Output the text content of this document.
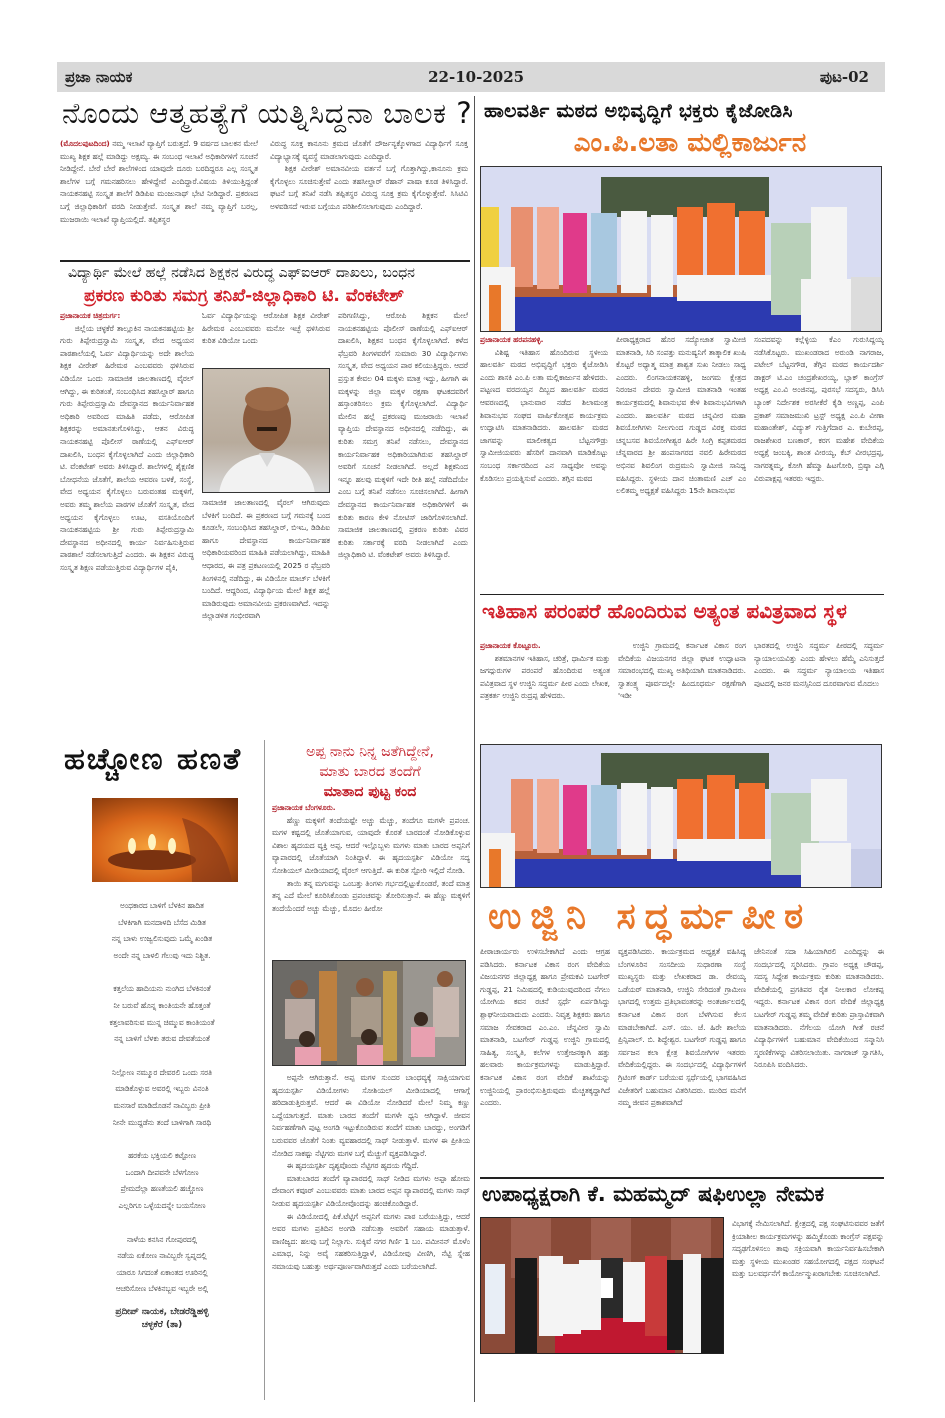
ಪ್ರಜಾ ನಾಯಕ	22-10-2025	ಪುಟ-02
ನೊಂದು ಆತ್ಮಹತ್ಯೆಗೆ ಯತ್ನಿಸಿದ್ದನಾ ಬಾಲಕ ?
(ಮೊದಲಪುಟದಿಂದ) ನಮ್ಮ ಇಲಾಖೆ ವ್ಯಾಪ್ತಿಗೆ ಬರುತ್ತದೆ. 9 ವರ್ಷದ ಬಾಲಕನ ಮೇಲೆ ಮುಖ್ಯ ಶಿಕ್ಷಕ ಹಲ್ಲೆ ಮಾಡಿದ್ದು ಅಕ್ಷಮ್ಯ. ಈ ಸಂಬಂಧ ಇಲಾಖೆ ಅಧಿಕಾರಿಗಳಿಗೆ ಸೂಚನೆ ನೀಡಿದ್ದೇನೆ. ಬೇರೆ ಬೇರೆ ಶಾಲೆಗಳಿಂದ ಯಾವುದೇ ದೂರು ಬರದಿದ್ದರೂ ಎಲ್ಲ ಸಂಸ್ಕೃತ ಶಾಲೆಗಳ ಬಗ್ಗೆ ಗಮನಹರಿಸಲು ಹೇಳಿದ್ದೇವೆ ಎಂದಿದ್ದಾರೆ.ವಿಷಯ ತಿಳಿಯುತ್ತಿದ್ದಂತೆ ನಾಯಕನಹಟ್ಟಿ ಸಂಸ್ಕೃತ ಶಾಲೆಗೆ ಡಿಡಿಪಿಐ ಮಂಜುನಾಥ್ ಭೇಟಿ ನೀಡಿದ್ದಾರೆ. ಪ್ರಕರಣದ ಬಗ್ಗೆ ಜಿಲ್ಲಾಧಿಕಾರಿಗೆ ವರದಿ ನೀಡುತ್ತೇವೆ. ಸಂಸ್ಕೃತ ಶಾಲೆ ನಮ್ಮ ವ್ಯಾಪ್ತಿಗೆ ಬರಲ್ಲ, ಮುಜರಾಯಿ ಇಲಾಖೆ ವ್ಯಾಪ್ತಿಯಲ್ಲಿದೆ. ತಪ್ಪಿತಸ್ಥರ
ವಿರುದ್ಧ ಸೂಕ್ತ ಕಾನೂನು ಕ್ರಮದ ಜೊತೆಗೆ ದೌರ್ಜನ್ಯಕ್ಕೊಳಗಾದ ವಿದ್ಯಾರ್ಥಿಗೆ ಸೂಕ್ತ ವಿದ್ಯಾಭ್ಯಾಸಕ್ಕೆ ವ್ಯವಸ್ಥೆ ಮಾಡಲಾಗುವುದು ಎಂದಿದ್ದಾರೆ.

ಶಿಕ್ಷಕ ವೀರೇಶ್ ಅಮಾನವೀಯ ವರ್ತನೆ ಬಗ್ಗೆ ಗೊತ್ತಾಗಿದ್ದು,ಕಾನೂನು ಕ್ರಮ ಕೈಗೊಳ್ಳಲು ಸೂಚಿಸುತ್ತೇವೆ ಎಂದು ತಹಸೀಲ್ದಾರ್ ರೆಹಾನ್ ಪಾಷಾ ಕೂಡ ತಿಳಿಸಿದ್ದಾರೆ. ಘಟನೆ ಬಗ್ಗೆ ತನಿಖೆ ನಡೆಸಿ ತಪ್ಪಿತಸ್ಥರ ವಿರುದ್ಧ ಸೂಕ್ತ ಕ್ರಮ ಕೈಗೊಳ್ಳುತ್ತೇವೆ. ಸಿಸಿಟಿವಿ ಅಳವಡಿಸದೆ ಇರುವ ಬಗ್ಗೆಯೂ ಪರಿಶೀಲಿಸಲಾಗುವುದು ಎಂದಿದ್ದಾರೆ.

ವಿದ್ಯಾರ್ಥಿ ಮೇಲೆ ಹಲ್ಲೆ ನಡೆಸಿದ ಶಿಕ್ಷಕನ ವಿರುದ್ಧ ಎಫ್‌ಐಆರ್ ದಾಖಲು, ಬಂಧನ
ಪ್ರಕರಣ ಕುರಿತು ಸಮಗ್ರ ತನಿಖೆ-ಜಿಲ್ಲಾಧಿಕಾರಿ ಟಿ. ವೆಂಕಟೇಶ್
ಪ್ರಜಾನಾಯಕ ಚಿತ್ರದುರ್ಗ:

ಜಿಲ್ಲೆಯ ಚಳ್ಳಕೆರೆ ತಾಲ್ಲೂಕಿನ ನಾಯಕನಹಟ್ಟಿಯ ಶ್ರೀ ಗುರು ತಿಪ್ಪೇರುದ್ರಸ್ವಾಮಿ ಸಂಸ್ಕೃತ, ವೇದ ಅಧ್ಯಯನ ಪಾಠಶಾಲೆಯಲ್ಲಿ ಓರ್ವ ವಿದ್ಯಾರ್ಥಿಯನ್ನು ಅದೇ ಶಾಲೆಯ ಶಿಕ್ಷಕ ವೀರೇಶ್ ಹಿರೇಮಠ ಎಂಬವವರು ಥಳಿಸಿರುವ ವಿಡಿಯೋ ಒಂದು ಸಾಮಾಜಿಕ ಜಾಲತಾಣದಲ್ಲಿ ವೈರಲ್ ಆಗಿದ್ದು, ಈ ಕುರಿತಂತೆ, ಸಂಬಂಧಿಸಿದ ತಹಸಿಲ್ದಾರ್ ಹಾಗೂ ಗುರು ತಿಪ್ಪೇರುದ್ರಸ್ವಾಮಿ ದೇವಸ್ಥಾನದ ಕಾರ್ಯನಿರ್ವಾಹಕ ಅಧಿಕಾರಿ ಅವರಿಂದ ಮಾಹಿತಿ ಪಡೆದು, ಆರೋಪಿತ ಶಿಕ್ಷಕರನ್ನು ಅಮಾನತುಗೊಳಿಸಿದ್ದು, ಆತನ ವಿರುದ್ಧ ನಾಯಕನಹಟ್ಟಿ ಪೊಲೀಸ್ ಠಾಣೆಯಲ್ಲಿ ಎಫ್‌ಐಆರ್ ದಾಖಲಿಸಿ, ಬಂಧನ ಕೈಗೊಳ್ಳಲಾಗಿದೆ ಎಂದು ಜಿಲ್ಲಾಧಿಕಾರಿ ಟಿ. ವೆಂಕಟೇಶ್ ಅವರು ತಿಳಿಸಿದ್ದಾರೆ. ಶಾಲೆಗಳಲ್ಲಿ ಶೈಕ್ಷಣಿಕ ಬೋಧನೆಯ ಜೊತೆಗೆ, ಶಾಲೆಯ ಆವರಣ ಬಳಕೆ, ಸಂಸ್ಥೆ, ವೇದ ಅಧ್ಯಯನ ಕೈಗೊಳ್ಳಲು ಬರುವಂತಹ ಮಕ್ಕಳಿಗೆ, ಅವರು ತಮ್ಮ ಶಾಲೆಯ ಪಾಠಗಳ ಜೊತೆಗೆ ಸಂಸ್ಕೃತ, ವೇದ ಅಧ್ಯಯನ ಕೈಗೊಳ್ಳಲು ಊಟ, ವಸತಿಯೊಂದಿಗೆ ನಾಯಕನಹಟ್ಟಿಯ ಶ್ರೀ ಗುರು ತಿಪ್ಪೇರುದ್ರಸ್ವಾಮಿ ದೇವಸ್ಥಾನದ ಅಧೀನದಲ್ಲಿ ಕಾರ್ಯ ನಿರ್ವಹಿಸುತ್ತಿರುವ ಪಾಠಶಾಲೆ ನಡೆಸಲಾಗುತ್ತಿದೆ ಎಂದರು. ಈ ಶಿಕ್ಷಕನ ವಿರುದ್ಧ ಸಂಸ್ಕೃತ ಶಿಕ್ಷಣ ಪಡೆಯುತ್ತಿರುವ ವಿದ್ಯಾರ್ಥಿಗಳ ಪೈಕಿ,

ಓರ್ವ ವಿದ್ಯಾರ್ಥಿಯನ್ನು ಆರೋಪಿತ ಶಿಕ್ಷಕ ವೀರೇಶ್ ಹಿರೇಮಠ ಎಂಬುವವರು ಮನೋ ಇಚ್ಛೆ ಥಳಿಸಿರುವ ಕುರಿತ ವಿಡಿಯೋ ಒಂದು
ಸಾಮಾಜಿಕ ಜಾಲತಾಣದಲ್ಲಿ ವೈರಲ್ ಆಗಿರುವುದು ಬೆಳಕಿಗೆ ಬಂದಿದೆ. ಈ ಪ್ರಕರಣದ ಬಗ್ಗೆ ಗಮನಕ್ಕೆ ಬಂದ ಕೂಡಲೇ, ಸಂಬಂಧಿಸಿದ ತಹಸಿಲ್ದಾರ್, ಬಿಇಒ, ಡಿಡಿಪಿಐ ಹಾಗೂ ದೇವಸ್ಥಾನದ ಕಾರ್ಯನಿರ್ವಾಹಕ ಅಧಿಕಾರಿಯವರಿಂದ ಮಾಹಿತಿ ಪಡೆಯಲಾಗಿದ್ದು, ಮಾಹಿತಿ ಆಧಾರದ, ಈ ಪತ್ರ ಪ್ರಕಟಣಯಲ್ಲಿ 2025 ರ ಫೆಬ್ರವರಿ ತಿಂಗಳಿನಲ್ಲಿ ನಡೆದಿದ್ದು, ಈ ವಿಡಿಯೋ ಮಾರ್ಚ್ ಬೆಳಕಿಗೆ ಬಂದಿದೆ. ಆದ್ದರಿಂದ, ವಿದ್ಯಾರ್ಥಿಯ ಮೇಲೆ ಶಿಕ್ಷಕ ಹಲ್ಲೆ ಮಾಡಿರುವುದು ಅಮಾನವೀಯ ಪ್ರಕರಣವಾಗಿದೆ. ಇದನ್ನು ಜಿಲ್ಲಾಡಳಿತ ಗಂಭೀರವಾಗಿ
ಪರಿಗಣಿಸಿದ್ದು, ಆರೋಪಿ ಶಿಕ್ಷಕನ ಮೇಲೆ ನಾಯಕನಹಟ್ಟಿಯ ಪೊಲೀಸ್ ಠಾಣೆಯಲ್ಲಿ ಎಫ್‌ಐಆರ್ ದಾಖಲಿಸಿ, ಶಿಕ್ಷಕನ ಬಂಧನ ಕೈಗೊಳ್ಳಲಾಗಿದೆ. ಕಳೆದ ಫೆಬ್ರವರಿ ತಿಂಗಳವರೆಗೆ ಸುಮಾರು 30 ವಿದ್ಯಾರ್ಥಿಗಳು ಸಂಸ್ಕೃತ, ವೇದ ಅಧ್ಯಯನ ಪಾಠ ಕಲಿಯುತ್ತಿದ್ದರು. ಆದರೆ ಪ್ರಸ್ತುತ ಕೇವಲ 04 ಮಕ್ಕಳು ಮಾತ್ರ ಇದ್ದು, ಹೀಗಾಗಿ ಈ ಮಕ್ಕಳನ್ನು ಜಿಲ್ಲಾ ಮಕ್ಕಳ ರಕ್ಷಣಾ ಘಟಕದವರಿಗೆ ಹಸ್ತಾಂತರಿಸಲು ಕ್ರಮ ಕೈಗೊಳ್ಳಲಾಗಿದೆ. ವಿದ್ಯಾರ್ಥಿ ಮೇಲಿನ ಹಲ್ಲೆ ಪ್ರಕರಣವು ಮುಜರಾಯಿ ಇಲಾಖೆ ವ್ಯಾಪ್ತಿಯ ದೇವಸ್ಥಾನದ ಅಧೀನದಲ್ಲಿ ನಡೆದಿದ್ದು, ಈ ಕುರಿತು ಸಮಗ್ರ ತನಿಖೆ ನಡೆಸಲು, ದೇವಸ್ಥಾನದ ಕಾರ್ಯನಿರ್ವಾಹಕ ಅಧಿಕಾರಿಯಾಗಿರುವ ತಹಸಿಲ್ದಾರ್ ಅವರಿಗೆ ಸೂಚನೆ ನೀಡಲಾಗಿದೆ. ಅಲ್ಲದೆ ಶಿಕ್ಷಕನಿಂದ ಇನ್ನೂ ಹಲವು ಮಕ್ಕಳಿಗೆ ಇದೇ ರೀತಿ ಹಲ್ಲೆ ನಡೆದಿದೆಯೇ ಎಂಬ ಬಗ್ಗೆ ತನಿಖೆ ನಡೆಸಲು ಸೂಚಿಸಲಾಗಿದೆ. ಹೀಗಾಗಿ ದೇವಸ್ಥಾನದ ಕಾರ್ಯನಿರ್ವಾಹಕ ಅಧಿಕಾರಿಗಳಿಗೆ ಈ ಕುರಿತು ಕಾರಣ ಕೇಳಿ ನೋಟಿಸ್ ಜಾರಿಗೊಳಿಸಲಾಗಿದೆ. ಸಾಮಾಜಿಕ ಜಾಲತಾಣದಲ್ಲಿ ಪ್ರಕರಣ ಕುರಿತು ವಿವರ ಕುರಿತು ಸರ್ಕಾರಕ್ಕೆ ವರದಿ ನೀಡಲಾಗಿದೆ ಎಂದು ಜಿಲ್ಲಾಧಿಕಾರಿ ಟಿ. ವೆಂಕಟೇಶ್ ಅವರು ತಿಳಿಸಿದ್ದಾರೆ.
ಹಚ್ಚೋಣ ಹಣತೆ
ಅಂಧಕಾರದ ಬಾಳಿಗೆ ಬೆಳಕಿನ ಹಾದಿತ
ಬೆಳಕಿಗಾಗಿ ಮನದಾಳದಿ ಬೆಸೆದ ಮಿಡಿತ
ನನ್ನ ಬಾಳು ಉಜ್ವಲಿಸುವುದು ಒಮ್ಮೆ ಖಂಡಿತ
ಅಂದೇ ನನ್ನ ಬಾಳಲಿ ಗೆಲುವು ಇದು ನಿಶ್ಚಿತ.
ಕತ್ತಲೆಯ ಹಾದಿಯನು ನುಂಗಿದ ಬೆಳಕಿನಂತೆ
ನೀ ಬರುವೆ ಹೊನ್ನ ಕಾಂತಿಯನೇ ಹೊತ್ತಂತೆ
ಕತ್ತಲಾವರಿಸುವ ಮುನ್ನ ಚಿಮ್ಮುವ ಕಾಂತಿಯಂತೆ
ನನ್ನ ಬಾಳಿಗೆ ಬೆಳಕು ತರುವ ದೇವತೆಯಂತೆ
ನಿಲ್ಲೋಣ ನಮ್ಮೂರ ದೇವರಲಿ ಒಂದು ಸರತಿ
ಮಾಡಿಕೊಳ್ಳುವ ಅವರಲ್ಲಿ ಇಬ್ಬರು ವಿನಂತಿ
ಮನಸಾರೆ ಮಾಡಿದೊಡನೆ ನಾವಿಬ್ಬರು ಪ್ರೀತಿ
ನೀನೇ ಮುದ್ದಡೆನು ತಂದೆ ಬಾಳಿಗಾಗಿ ಸಾರಥಿ
ಹರಕೆಯ ಭಕ್ತಿಯಲಿ ಕಟ್ಟೋಣ
ಒಂದಾಗಿ ದೀಪವನೇ ಬೆಳಗೋಣ
ಪ್ರೇಮದೆಲ್ಲಾ ಹಣತೆಯಲಿ ಹಚ್ಚೋಣ
ಎಲ್ಲರಿಗೂ ಒಳ್ಳೆಯದನ್ನೇ ಬಯಸೋಣ
ನಾಳೆಯ ಕನಸಿನ ಗೋಪುರದಲ್ಲಿ
ನಡೆಯ ಏಕೋಣ ನಾವಿಬ್ಬರೇ ಸ್ವಪ್ನದಲ್ಲಿ
ಯಾರೂ ಸಿಗದಂತೆ ಏಕಾಂತದ ಊರಿನಲ್ಲಿ
ಆಚರಿಸೋಣ ಬೆಳಕಿನಬ್ಬವ ಇಬ್ಬರೇ ಅಲ್ಲಿ
ಪ್ರದೀಪ್ ನಾಯಕ, ಬೇಡರೆಡ್ಡಿಹಳ್ಳಿ
ಚಳ್ಳಕೆರೆ (ತಾ)
ಅಪ್ಪ ನಾನು ನಿನ್ನ ಜತೆಗಿದ್ದೇನೆ,
ಮಾತು ಬಾರದ ತಂದೆಗೆ
ಮಾತಾದ ಪುಟ್ಟ ಕಂದ
ಪ್ರಜಾನಾಯಕ ಬೆಂಗಳೂರು.

ಹೆಣ್ಣು ಮಕ್ಕಳಿಗೆ ತಂದೆಯಷ್ಟೇ ಅಚ್ಚು ಮೆಚ್ಚು, ತಂದೆಗೂ ಮಗಳೇ ಪ್ರಪಂಚ. ಮಗಳ ಕಷ್ಟದಲ್ಲಿ ಜೊತೆಯಾಗುವ, ಯಾವುದೇ ಕೊರತೆ ಬಾರದಂತೆ ನೋಡಿಕೊಳ್ಳುವ ವಿಶಾಲ ಹೃದಯದ ವ್ಯಕ್ತಿ ಅಪ್ಪ. ಆದರೆ ಇಲ್ಲೊಬ್ಬಳು ಮಗಳು ಮಾತು ಬಾರದ ಅಪ್ಪನಿಗೆ ವ್ಯಾಪಾರದಲ್ಲಿ ಜೊತೆಯಾಗಿ ನಿಂತಿದ್ದಾಳೆ. ಈ ಹೃದಯಸ್ಪರ್ಶಿ ವಿಡಿಯೋ ಸದ್ಯ ಸೋಶಿಯಲ್ ಮೀಡಿಯಾದಲ್ಲಿ ವೈರಲ್ ಆಗುತ್ತಿದೆ. ಈ ಕುರಿತ ಸ್ಟೋರಿ ಇಲ್ಲಿದೆ ನೋಡಿ.

ತಾಯಿ ತನ್ನ ಮಗುವನ್ನು ಒಂಬತ್ತು ತಿಂಗಳು ಗರ್ಭದಲ್ಲಿಟ್ಟುಕೊಂಡರೆ, ತಂದೆ ಮಾತ್ರ ತನ್ನ ಎದೆ ಮೇಲೆ ಕೂರಿಸಿಕೊಂಡು ಪ್ರಪಂಚವನ್ನು ತೋರಿಸುತ್ತಾನೆ. ಈ ಹೆಣ್ಣು ಮಕ್ಕಳಿಗೆ ತಂದೆಯೆಂದರೆ ಅಚ್ಚು ಮೆಚ್ಚು, ಮೊದಲ ಹೀರೋ

ಅಪ್ಪನೇ ಆಗಿರುತ್ತಾನೆ. ಅಪ್ಪ ಮಗಳ ಸುಂದರ ಬಾಂಧವ್ಯಕ್ಕೆ ಸಾಕ್ಷಿಯಾಗುವ ಹೃದಯಸ್ಪರ್ಶಿ ವಿಡಿಯೋಗಳು ಸೋಶಿಯಲ್ ಮೀಡಿಯಾದಲ್ಲಿ ಆಗಾಗ್ಗೆ ಹರಿದಾಡುತ್ತಿರುತ್ತವೆ. ಆದರೆ ಈ ವಿಡಿಯೋ ನೋಡಿದರೆ ಮೇಲೆ ನಿಮ್ಮ ಕಣ್ಣು ಒದ್ದೆಯಾಗುತ್ತದೆ. ಮಾತು ಬಾರದ ತಂದೆಗೆ ಮಗಳೇ ಧ್ವನಿ ಆಗಿದ್ದಾಳೆ. ಜೀವನ ನಿರ್ವಹಣೆಗಾಗಿ ಪುಟ್ಟ ಅಂಗಡಿ ಇಟ್ಟುಕೊಂಡಿರುವ ತಂದೆಗೆ ಮಾತು ಬಾರದ್ದು, ಅಂಗಡಿಗೆ ಬರುವವರ ಜೊತೆಗೆ ನಿಂತು ವ್ಯವಹಾರದಲ್ಲಿ ಸಾಥ್ ನೀಡುತ್ತಾಳೆ. ಮಗಳ ಈ ಪ್ರೀತಿಯ ನೋಡಿದ ಸಾಕಷ್ಟು ನೆಟ್ಟಿಗರು ಮಗಳ ಬಗ್ಗೆ ಮೆಚ್ಚುಗೆ ವ್ಯಕ್ತಪಡಿಸಿದ್ದಾರೆ.

ಈ ಹೃದಯಸ್ಪರ್ಶಿ ದೃಶ್ಯವೊಂದು ನೆಟ್ಟಿಗರ ಹೃದಯ ಗೆದ್ದಿದೆ.

ಮಾತುಬಾರದ ತಂದೆಗೆ ವ್ಯಾಪಾರದಲ್ಲಿ ಸಾಥ್ ನೀಡಿದ ಮಗಳು ಅಪ್ಪಾ ಹೋಮ ದೇವಾಂಗ ಕವೂರ್ ಎಂಬುವವರು ಮಾತು ಬಾರದ ಅಪ್ಪನ ವ್ಯಾಪಾರದಲ್ಲಿ ಮಗಳು ಸಾಥ್ ನೀಡುವ ಹೃದಯಸ್ಪರ್ಶಿ ವಿಡಿಯೋವೊಂದನ್ನು ಹಂಚಿಕೊಂಡಿದ್ದಾರೆ.

ಈ ವಿಡಿಯೋದಲ್ಲಿ ಪಿಕೆ.ಟೆಟ್ಟಿಗೆ ಅಪ್ಪನಿಗೆ ಮಗಳು ಪಾಠ ಬರೆಯುತ್ತಿದ್ದು, ಆದರೆ ಅವರ ಮಗಳು ಪ್ರತಿದಿನ ಅಂಗಡಿ ನಡೆಸುತ್ತಾ ಅವರಿಗೆ ಸಹಾಯ ಮಾಡುತ್ತಾಳೆ. ವಾಣಿಜ್ಯದ: ಹಲವು ಬಗ್ಗೆ ನಿಲ್ಲಾಗು. ಸುಕ್ಕಿವೆ ನಗರ ಗಿರ್ಣಿ 1 ಬಂ. ಪಮೀನನ್ ಮೊಳೆಂ ಎಮಾಧ, ನಿನ್ನು ಅವೈ ಸಹಕರಿಸುತ್ತಿದ್ದಾಳೆ, ವಿಡಿಯೋವು ವೀಣಿಗಿ, ನೆಟ್ಟಿ ಸ್ನೇಹ ನಮಾಯವು ಬಹುತ್ತು ಅರ್ಥಪೂರ್ಣವಾಗಿರುತ್ತದೆ ಎಂದು ಬರೆಯಲಾಗಿದೆ.

ಹಾಲವರ್ತಿ ಮಠದ ಅಭಿವೃದ್ಧಿಗೆ ಭಕ್ತರು ಕೈಜೋಡಿಸಿ
ಎಂ.ಪಿ.ಲತಾ ಮಲ್ಲಿಕಾರ್ಜುನ
ಪ್ರಜಾನಾಯಕ ಹರಪನಹಳ್ಳಿ.

ವಿಶಿಷ್ಟ ಇತಿಹಾಸ ಹೊಂದಿರುವ ಸ್ಥಳೀಯ ಹಾಲವರ್ತಿ ಮಠದ ಅಭಿವೃದ್ಧಿಗೆ ಭಕ್ತರು ಕೈಜೋಡಿಸಿ ಎಂದು ಶಾಸಕಿ ಎಂ.ಪಿ ಲತಾ ಮಲ್ಲಿಕಾರ್ಜುನ ಹೇಳಿದರು. ಪಟ್ಟಣದ ವರದಯ್ಯನ ದಿಬ್ಬದ ಹಾಲವರ್ತಿ ಮಠದ ಆವರಣದಲ್ಲಿ ಭಾನುವಾರ ನಡೆದ ಶಿಲಾಮಂತ್ರ ಶಿವಾನುಭವ ಸಂಘದ ವಾರ್ಷಿಕೋತ್ಸವ ಕಾರ್ಯಕ್ರಮ ಉದ್ಘಾಟಿಸಿ ಮಾತನಾಡಿದರು. ಹಾಲವರ್ತಿ ಮಠದ ಜಾಗವನ್ನು ಮಾಲೀಕತ್ವದ ಬೆಟ್ಟನಗೌಡ್ರು ಸ್ವಾಮೀಜಿಯವರು ಹೆಸರಿಗೆ ದಾನವಾಗಿ ಮಾಡಿಕೊಟ್ಟು ಸಂಬಂಧ ಸರ್ಕಾರದಿಂದ ಎನ ಸಾಧ್ಯವೋ ಅವನ್ನು ಕೊಡಿಸಲು ಪ್ರಯತ್ನಿಸುವೆ ಎಂದರು. ತಗ್ಗಿನ ಮಠದ

ಪೀಠಾಧ್ಯಕ್ಷರಾದ ಹೊರ ಸದ್ಯೋಜಾತ ಸ್ವಾಮೀಜಿ ಮಾತನಾಡಿ, ಸಿರಿ ಸಂಪತ್ತು ಮನುಷ್ಯನಿಗೆ ತಾತ್ಕಾಲಿಕ ಖುಷಿ ಕೊಟ್ಟರೆ ಅಧ್ಯಾತ್ಮ ಮಾತ್ರ ಶಾಶ್ವತ ಸುಖ ನೀಡಲು ಸಾಧ್ಯ ಎಂದರು. ಲಿಂಗನಾಯಕನಹಳ್ಳಿ, ಜಂಗಮ ಕ್ಷೇತ್ರದ ನಿರಂಜನ ದೇವರು ಸ್ವಾಮೀಜಿ ಮಾತನಾಡಿ ಇಂತಹ ಕಾರ್ಯಕ್ರಮದಲ್ಲಿ ಶಿವಾನುಭವ ಕೇಳಿ ಶಿವಾನುಭವಿಗಳಾಗಿ ಎಂದರು. ಹಾಲವರ್ತಿ ಮಠದ ಚನ್ನವೀರ ಮಹಾ ಶಿವಯೋಗಿಗಳು ನೀಲಗುಂದ ಗುಡ್ಡದ ವಿರಕ್ತ ಮಠದ ಚನ್ನಬಸವ ಶಿವಯೋಗೀಶ್ವರ ಹಿರೇ ಸಿಂಗ್ರಿ ಕಪ್ಪತಮಠದ ಚೆನ್ನವಾರದ ಶ್ರೀ ಹಂಪಸಾಗರದ ನವಲಿ ಹಿರೇಮಠದ ಅಭಿನವ ಶಿವಲಿಂಗ ರುದ್ರಮುನಿ ಸ್ವಾಮೀಜಿ ಸಾನಿಧ್ಯ ವಹಿಸಿದ್ದರು. ಸ್ಥಳೀಯ ದಾನ ಚಿಂತಾಮಣಿ ಎಚ್ ಎಂ ಲಲಿತಮ್ಮ ಅಧ್ಯಕ್ಷತೆ ವಹಿಸಿದ್ದರು 15ನೇ ಶಿವಾನುಭವ
ಸಂಪದವನ್ನು ಕಲ್ಲೆಳ್ಳಿಯ ಕೆಎಂ ಗುರುಸಿದ್ದಯ್ಯ ನಡೆಸಿಕೊಟ್ಟರು. ಮುಖಂಡರಾದ ಅರುಂಡಿ ನಾಗರಾಜ, ಪಟೇಲ್ ಬೆಟ್ಟನಗೌಡ, ತೆಗ್ಗಿನ ಮಠದ ಕಾರ್ಯದರ್ಶಿ ಡಾಕ್ಟರ್ ಟಿ.ಎಂ ಚಂದ್ರಶೇಖರಯ್ಯ, ಬ್ಲಾಕ್ ಕಾಂಗ್ರೆಸ್ ಅಧ್ಯಕ್ಷ ಎಂ.ವಿ ಅಂಜಿನಪ್ಪ, ಪುರಸಭೆ ಸದಸ್ಯರು, ಡಿಸಿಸಿ ಬ್ಯಾಂಕ್ ನಿರ್ದೇಶಕ ಅರಸೀಕೆರೆ ಕೈಡಿ ಅಣ್ಣಪ್ಪ, ಎಂಪಿ ಪ್ರಕಾಶ್ ಸಮಾಜಮುಖಿ ಟ್ರಸ್ಟ್ ಅಧ್ಯಕ್ಷ ಎಂ.ಪಿ ವೀಣಾ ಮಹಾಂತೇಶ್, ವಿದ್ಯುತ್ ಗುತ್ತಿಗೆದಾರ ಎ. ಕುಬೇರಪ್ಪ, ರಾಜಶೇಖರ ಬಣಕಾರ್, ಕರಗ ಮಹೇಶ ವೇದಿಕೆಯ ಅಧ್ಯಕ್ಷೆ ಜಂಬಕ್ಕಿ, ಶಾಂತ ವೀರಯ್ಯ, ಕೆಬ್ ವೀರಭದ್ರಪ್ಪ, ನಾಗರತ್ನಮ್ಮ, ಕೋಗಿ ಹೆಮ್ಮಾ ಹಿಟಗೋರಿ, ಬ್ರಿಷ್ಠಾ ಎಗ್ಗಿ ವಿರುಪಾಕ್ಷಪ್ಪ ಇತರರು ಇದ್ದರು.
ಇತಿಹಾಸ ಪರಂಪರೆ ಹೊಂದಿರುವ ಅತ್ಯಂತ ಪವಿತ್ರವಾದ ಸ್ಥಳ
ಪ್ರಜಾನಾಯಕ ಕೊಟ್ಟೂರು.

ಶತಮಾನಗಳ ಇತಿಹಾಸ, ಚರಿತ್ರೆ, ಧಾರ್ಮಿಕ ಮತ್ತು ಜಗದ್ಗುರುಗಳ ಪರಂಪರೆ ಹೊಂದಿರುವ ಅತ್ಯಂತ ಪವಿತ್ರವಾದ ಸ್ಥಳ ಉಜ್ಜಿನಿ ಸದ್ಧರ್ಮ ಪೀಠ ಎಂದು ಲೇಖಕ, ಪತ್ರಕರ್ತ ಉಜ್ಜಿನಿ ರುದ್ರಪ್ಪ ಹೇಳಿದರು.

ಉಜ್ಜಿನಿ ಗ್ರಾಮದಲ್ಲಿ ಕರ್ನಾಟಕ ವಿಕಾಸ ರಂಗ ವೇದಿಕೆಯ ವಿಜಯನಗರ ಜಿಲ್ಲಾ ಘಟಕ ಉದ್ಘಾಟನಾ ಸಮಾರಂಭದಲ್ಲಿ ಮುಖ್ಯ ಅತಿಥಿಯಾಗಿ ಮಾತನಾಡಿದರು. ಸ್ವಾತಂತ್ರ್ಯ ಪೂರ್ವದಲ್ಲೇ ಹಿಂದೂಧರ್ಮ ರಕ್ಷಣೆಗಾಗಿ 'ಇಡೀ
ಭಾರತದಲ್ಲಿ ಉಜ್ಜಿನಿ ಸದ್ಧರ್ಮ ಪೀಠದಲ್ಲಿ ಸದ್ಧರ್ಮ ನ್ಯಾಯಾಲಯವಿತ್ತು ಎಂದು ಹೇಳಲು ಹೆಮ್ಮೆ ಎನಿಸುತ್ತದೆ ಎಂದರು. ಈ ಸದ್ಧರ್ಮ ನ್ಯಾಯಾಲಯ ಇತಿಹಾಸ ಪುಟದಲ್ಲಿ ಜನರ ಮನಸ್ಸಿನಿಂದ ದೂರವಾಗುವ ಮೊದಲು
ಉಜ್ಜಿನಿ ಸದ್ಧರ್ಮಪೀಠ
ಪೀಠಾಚಾರ್ಯರು ಉಳಿಸಬೇಕಾಗಿದೆ ಎಂದು ಆಗ್ರಹ ಪಡಿಸಿದರು. ಕರ್ನಾಟಕ ವಿಕಾಸ ರಂಗ ವೇದಿಕೆಯ ವಿಜಯನಗರ ಜಿಲ್ಲಾಧ್ಯಕ್ಷ ಹಾಗೂ ಪ್ರೇಮಕವಿ ಬಟಗೇರ್ ಗುಡ್ಡಪ್ಪ, 21 ನಿಮಿಷದಲ್ಲಿ ಕುಡಿಯುವುದರಿಂದ ನೆಗಲು ಯೋಗಿಯ ಕವನ ರಚನೆ ಸ್ಪರ್ಧೆ ಏರ್ಪಡಿಸಿದ್ದು ಶ್ಲಾಘನೀಯವಾದುದು ಎಂದರು. ನಿವೃತ್ತ ಶಿಕ್ಷಕರು ಹಾಗೂ ಸಮಾಜ ಸೇವಕರಾದ ಎಂ.ಎಂ. ಚೆನ್ನವೀರ ಸ್ವಾಮಿ ಮಾತನಾಡಿ, ಬಟಗೇರ್ ಗುಡ್ಡಪ್ಪ ಉಜ್ಜಿನಿ ಗ್ರಾಮದಲ್ಲಿ ಸಾಹಿತ್ಯ, ಸಂಸ್ಕೃತಿ, ಕಲೆಗಳ ಉತ್ತೇಜನಕ್ಕಾಗಿ ಹತ್ತು ಹಲವಾರು ಕಾರ್ಯಕ್ರಮಗಳನ್ನು ಮಾಡುತ್ತಿದ್ದಾರೆ. ಕರ್ನಾಟಕ ವಿಕಾಸ ರಂಗ ವೇದಿಕೆ ಶಾಖೆಯನ್ನು ಉಜ್ಜಿನಿಯಲ್ಲಿ ಪ್ರಾರಂಭಿಸುತ್ತಿರುವುದು ಮೆಚ್ಚತಕ್ಕದ್ದಾಗಿದೆ ಎಂದರು.
ವ್ಯಕ್ತಪಡಿಸಿದರು. ಕಾರ್ಯಕ್ರಮದ ಅಧ್ಯಕ್ಷತೆ ವಹಿಸಿದ್ದ ಬೆಂಗಳೂರಿನ ಸಂಸದೀಯ ಸುಧಾರಣಾ ಸಂಸ್ಥೆ ಮುಖ್ಯಸ್ಥರು ಮತ್ತು ಲೇಖಕರಾದ ಡಾ. ರೇವಯ್ಯ ಒಡೆಯರ್ ಮಾತನಾಡಿ, ಉಜ್ಜಿನಿ ಸೇರಿದಂತೆ ಗ್ರಾಮೀಣ ಭಾಗದಲ್ಲಿ ಉತ್ತಮ ಪ್ರತಿಭಾವಂತರನ್ನು ಅಂತರ್ಜಾಲದಲ್ಲಿ ಕರ್ನಾಟಕ ವಿಕಾಸ ರಂಗ ಬೆಳಗಿಸುವ ಕೆಲಸ ಮಾಡಬೇಕಾಗಿದೆ. ಎಸ್. ಯು. ಜೆ. ಹಿರೇ ಶಾಲೆಯ ಪ್ರಿನ್ಸಿಪಾಲ್. ಬಿ. ಶಿದ್ಧೇಶ್ವರ. ಬಟಗೇರ್ ಗುಡ್ಡಪ್ಪ ಹಾಗೂ ಸರ್ವಜನ ಕಲಾ ಕ್ಷೇತ್ರ ಶಿವಯೋಗಿಗಳ ಇತರರು ವೇದಿಕೆಯಲ್ಲಿದ್ದರು. ಈ ಸಂದರ್ಭದಲ್ಲಿ ವಿದ್ಯಾರ್ಥಿಗಳಿಗೆ ಗ್ರಿಟಿಂಗ್ ಕಾರ್ಡ್ ಬರೆಯುವ ಸ್ಪರ್ಧೆಯಲ್ಲಿ ಭಾಗವಹಿಸಿದ ವಿಜೇತರಿಗೆ ಬಹುಮಾನ ವಿತರಿಸಿದರು. ಮುರಿದ ಮನೆಗೆ ನಮ್ಮ ಜೀವನ ಪ್ರಕಾಶವಾಗಿದೆ
ಜೇನಿನಂತೆ ಸದಾ ಸಿಹಿಯಾಗಿರಲಿ ಎಂದಿದ್ದನ್ನು ಈ ಸಂದರ್ಭದಲ್ಲಿ ಸ್ಮರಿಸಿದರು. ಗ್ರಾಪಂ ಅಧ್ಯಕ್ಷ ಚೌಡಪ್ಪ, ಸದಸ್ಯ ಸಿದ್ದೇಶ ಕಾರ್ಯಕ್ರಮ ಕುರಿತು ಮಾತನಾಡಿದರು. ವೇದಿಕೆಯಲ್ಲಿ ಪ್ರಗತಿಪರ ರೈತ ನೀಲಕಾರ ಲೋಕಪ್ಪ ಇದ್ದರು. ಕರ್ನಾಟಕ ವಿಕಾಸ ರಂಗ ವೇದಿಕೆ ಜಿಲ್ಲಾಧ್ಯಕ್ಷ ಬಟಗೇರ್ ಗುಡ್ಡಪ್ಪ ತಮ್ಮ ವೇದಿಕೆ ಕುರಿತು ಪ್ರಾಸ್ತಾವಿಕವಾಗಿ ಮಾತನಾಡಿದರು. ನೆಗೆಲಯ ಯೋಗಿ ಗೀತೆ ರಚನೆ ವಿದ್ಯಾರ್ಥಿಗಳಿಗೆ ಬಹುಮಾನ ವೇದಿಕೆಯಿಂದ ಸನ್ಮಾನಿಸಿ ಸ್ಮರಣಿಕೆಗಳನ್ನು ವಿತರಿಸಲಾಯಿತು. ನಾಗರಾಜ್ ಸ್ವಾಗತಿಸಿ, ನಿರೂಪಿಸಿ ವಂದಿಸಿದರು.
ಉಪಾಧ್ಯಕ್ಷರಾಗಿ ಕೆ. ಮಹಮ್ಮದ್ ಷಫಿಉಲ್ಲಾ ನೇಮಕ
ವಿಭಾಗಕ್ಕೆ ನೇಮಿಸಲಾಗಿದೆ. ಕ್ಷೇತ್ರದಲ್ಲಿ ಪಕ್ಷ ಸಂಘಟಿಸುವವರ ಜತೆಗೆ ಕ್ರಿಯಾಶೀಲ ಕಾರ್ಯಕ್ರಮಗಳನ್ನು ಹಮ್ಮಿಕೊಂಡು ಕಾಂಗ್ರೆಸ್ ಪಕ್ಷವನ್ನು ಸದೃಢಗೊಳಿಸಲು ತಾವು ಸಕ್ರಿಯವಾಗಿ ಕಾರ್ಯನಿರ್ವಹಿಸಬೇಕಾಗಿ ಮತ್ತು ಸ್ಥಳೀಯ ಮುಖಂಡರ ಸಹಯೋಗದಲ್ಲಿ ಪಕ್ಷದ ಸಂಘಟನೆ ಮತ್ತು ಬಲವರ್ಧನೆಗೆ ಕಾರ್ಯೋನ್ಮುಖರಾಗಬೇಕು ಸೂಚಿಸಲಾಗಿದೆ.
